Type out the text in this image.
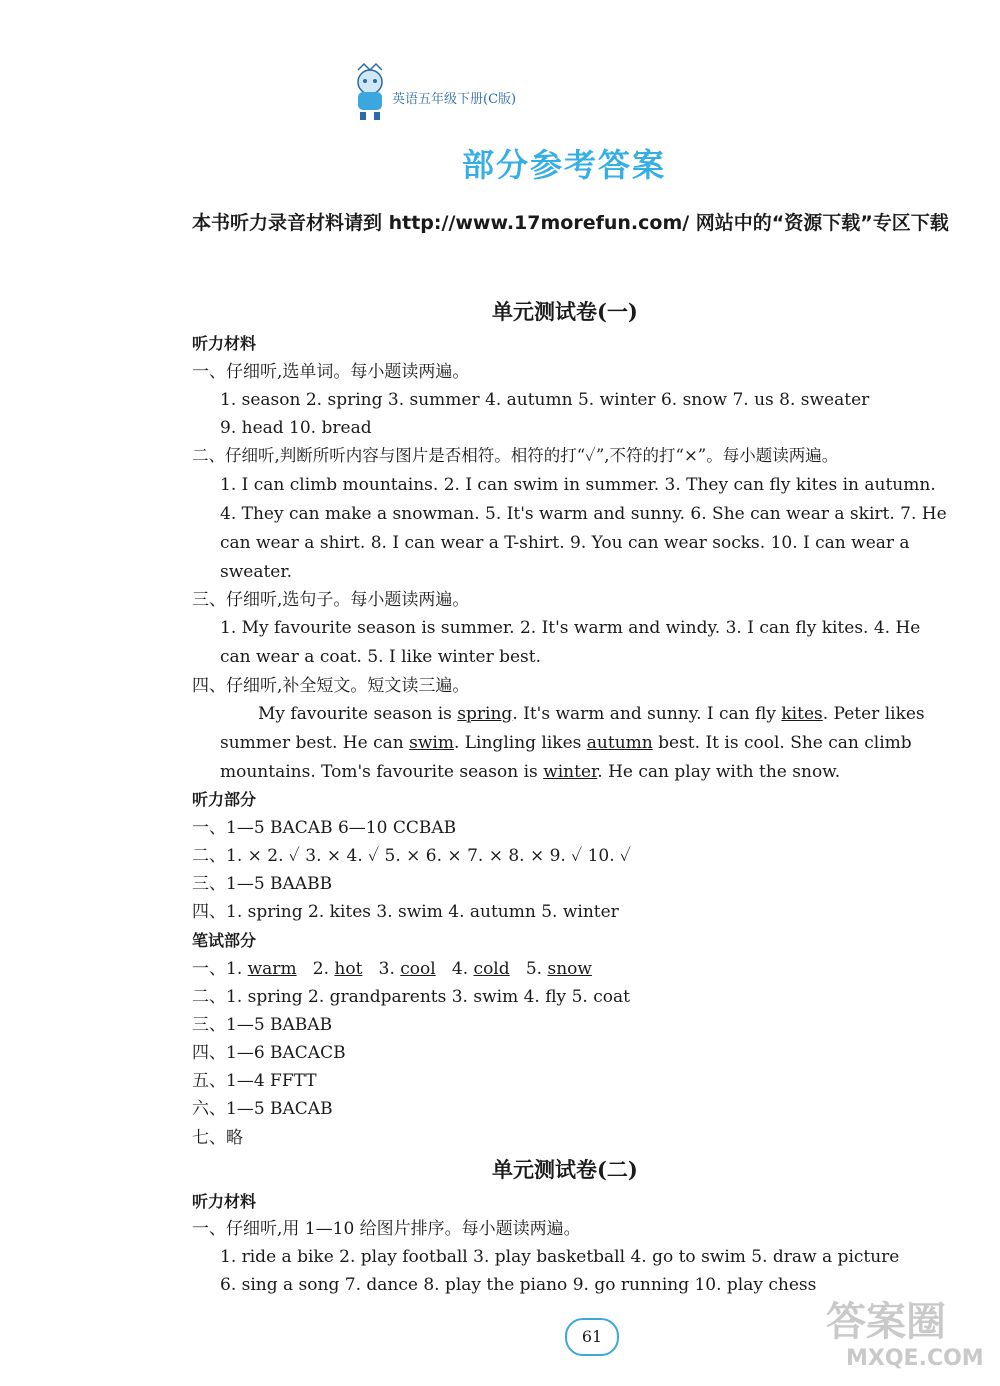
英语五年级下册(C版)
部分参考答案
本书听力录音材料请到 http://www.17morefun.com/ 网站中的“资源下载”专区下载
单元测试卷(一)
听力材料
一、仔细听,选单词。每小题读两遍。
1. season 2. spring 3. summer 4. autumn 5. winter 6. snow 7. us 8. sweater
9. head 10. bread
二、仔细听,判断所听内容与图片是否相符。相符的打“✓”,不符的打“×”。每小题读两遍。
1. I can climb mountains. 2. I can swim in summer. 3. They can fly kites in autumn.
4. They can make a snowman. 5. It's warm and sunny. 6. She can wear a skirt. 7. He
can wear a shirt. 8. I can wear a T-shirt. 9. You can wear socks. 10. I can wear a
sweater.
三、仔细听,选句子。每小题读两遍。
1. My favourite season is summer. 2. It's warm and windy. 3. I can fly kites. 4. He
can wear a coat. 5. I like winter best.
四、仔细听,补全短文。短文读三遍。
My favourite season is spring. It's warm and sunny. I can fly kites. Peter likes
summer best. He can swim. Lingling likes autumn best. It is cool. She can climb
mountains. Tom's favourite season is winter. He can play with the snow.
听力部分
一、1—5 BACAB 6—10 CCBAB
二、1. × 2. ✓ 3. × 4. ✓ 5. × 6. × 7. × 8. × 9. ✓ 10. ✓
三、1—5 BAABB
四、1. spring 2. kites 3. swim 4. autumn 5. winter
笔试部分
一、1. warm   2. hot   3. cool   4. cold   5. snow
二、1. spring 2. grandparents 3. swim 4. fly 5. coat
三、1—5 BABAB
四、1—6 BACACB
五、1—4 FFTT
六、1—5 BACAB
七、略
单元测试卷(二)
听力材料
一、仔细听,用 1—10 给图片排序。每小题读两遍。
1. ride a bike 2. play football 3. play basketball 4. go to swim 5. draw a picture
6. sing a song 7. dance 8. play the piano 9. go running 10. play chess
61	答案圈
MXQE.COM
